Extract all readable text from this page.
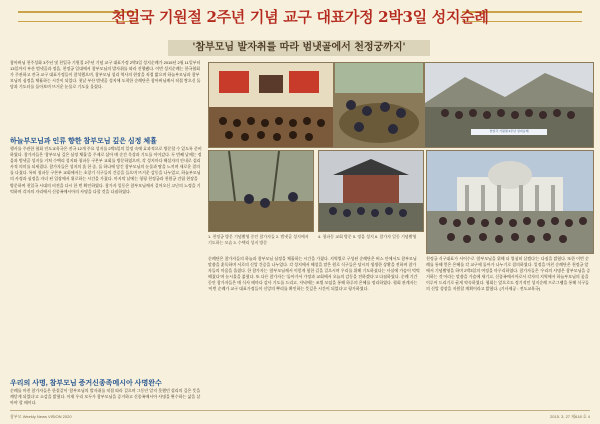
천일국 기원절 2주년 기념 교구 대표가정 2박3일 성지순례
'참부모님 발자취를 따라 범냇골에서 천정궁까지'
참아버님 천주성화 3주년 및 천일국 기원절 2주년 기념 교구 대표가정 2박3일 성지순례가 2015년 2월 11일부터 13일까지 부산 범냇골과 정읍, 천정궁 일대에서 참부모님의 발자취를 따라 진행됐다. 이번 성지순례는 한국협회가 주관하고 전국 교구 대표가정들이 참석했으며, 참부모님 섭리 역사의 현장을 직접 밟으며 하늘부모님과 참부모님의 심정을 체휼하는 시간이 되었다. 첫날 부산 범냇골 성지에 도착한 순례단은 참아버님께서 직접 쌓으신 돌담과 기도터를 돌아보며 뜨거운 눈물로 기도를 올렸다.
하늘부모님과 인류 향한 참부모님 깊은 심정 체휼
행사를 주관한 협회 전도교육국은 전국 12개 주요 성지를 2박3일의 일정 속에 효과적으로 방문할 수 있도록 준비하였다. 참가자들은 '참부모님 깊은 심정 체휼'을 주제로 삼아 매 순간 묵상과 기도를 이어갔다. 두 번째 날에는 정읍과 범냇골 성지를 거쳐 수택리 성지와 청파동 구본부 교회를 방문하였으며, 각 성지마다 해설자의 안내로 섭리사적 의미를 되새겼다. 참가자들은 성지의 흙 한 줌, 돌 하나에 담긴 참부모님의 눈물과 땀을 느끼며 새로운 결의를 다졌다. 특히 청파동 구본부 교회에서는 초창기 식구들의 간증을 들으며 뜨거운 감동을 나누었고, 하늘부모님의 사정과 심정을 자녀 된 입장에서 위로하는 시간을 가졌다. 마지막 날에는 청평 천정궁과 천원궁 건립 현장을 방문하여 천일국 시대의 비전을 다시 한 번 확인하였다. 참가자 일동은 참부모님께서 걸어오신 고난의 노정을 기억하며 각자의 자리에서 신종족메시아의 사명을 다할 것을 다짐하였다.
우리의 사명, 참부모님 증거신종족메시아 사명완수
순례를 마친 참가자들은 한결같이 '참부모님의 발자취를 직접 따라 걸으며 그동안 알지 못했던 섭리의 깊은 뜻을 깨닫게 되었다'고 소감을 밝혔다. 이제 우리 모두가 참부모님을 증거하고 신종족메시아 사명을 완수하는 삶을 살아야 할 때이다.
천일국 기원절 2주년 성지순례
1. 천정궁 방문 기념촬영 중인 참가자들 2. 범냇골 성지에서 기도하는 모습 3. 수택리 성지 방문
4. 청파동 교회 방문 5. 정읍 성지 6. 참가자 일동 기념촬영
순례단은 참가자들의 하늘과 참부모님 심정을 체휼하는 시간을 가졌다. 지역별로 구성된 순례단은 버스 안에서도 참부모님 말씀을 훈독하며 서로의 신앙 간증을 나누었다. 각 성지에서 해설을 맡은 원로 식구들은 당시의 생생한 상황을 전하며 참가자들의 마음을 울렸다. 한 참가자는 '참부모님께서 이렇게 험한 길을 걸으시며 우리를 위해 기도하셨다는 사실에 가슴이 먹먹해졌다'며 눈시울을 붉혔다. 또 다른 참가자는 '돌아가서 가정과 교회에서 오늘의 감동을 전하겠다'고 다짐하였다. 순례 기간 동안 참가자들은 매 식사 때마다 감사 기도를 드리고, 저녁에는 조별 모임을 통해 하루의 은혜를 정리하였다. 협회 관계자는 '이번 순례가 교구 대표가정들이 신앙의 뿌리를 확인하는 뜻깊은 시간이 되었다'고 평가하였다.
천정궁 식구대표가 서어수로 '참부모님을 위해 더 열심히 살겠다'는 다짐을 밝혔다. 또한 이번 순례를 통해 얻은 은혜를 각 교구에 돌아가 나누기로 결의하였다. 일정을 마친 순례단은 천정궁 앞에서 기념촬영을 하며 2박3일의 여정을 마무리하였다. 참가자들은 '우리의 사명은 참부모님을 증거하는 것'이라는 말씀을 가슴에 새기고, 신종족메시아로서 각자의 지역에서 하늘부모님의 꿈을 이루어 드리기로 굳게 약속하였다. 협회는 앞으로도 정기적인 성지순례 프로그램을 통해 식구들의 신앙 성장을 지원할 계획이라고 밝혔다. (기사제공 : 전도교육국)
참부모 Weekly News VISION 2020	2015. 3. 27 제618 호 4
